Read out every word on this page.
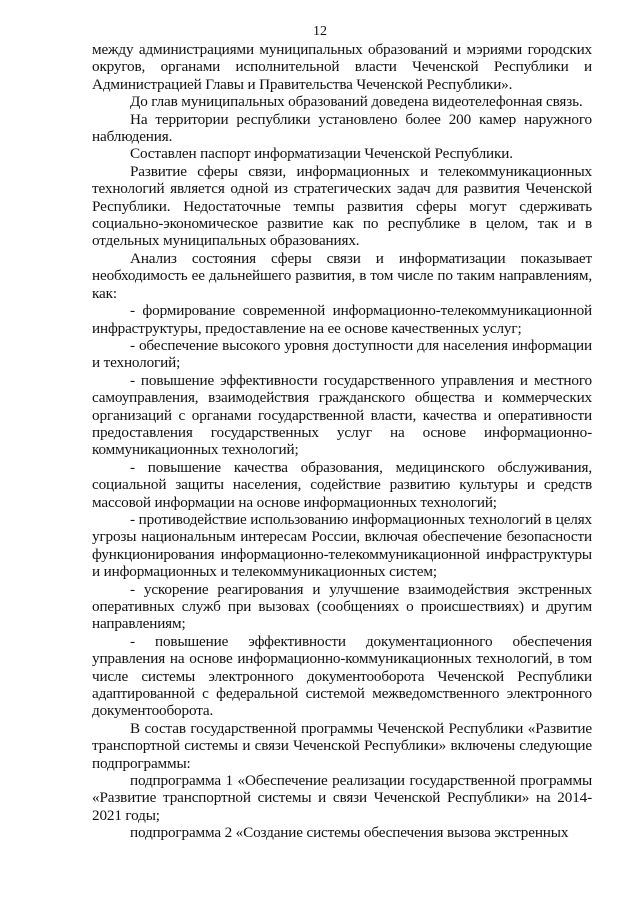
12

между администрациями муниципальных образований и мэриями городских округов, органами исполнительной власти Чеченской Республики и Администрацией Главы и Правительства Чеченской Республики».

До глав муниципальных образований доведена видеотелефонная связь.

На территории республики установлено более 200 камер наружного наблюдения.

Составлен паспорт информатизации Чеченской Республики.

Развитие сферы связи, информационных и телекоммуникационных технологий является одной из стратегических задач для развития Чеченской Республики. Недостаточные темпы развития сферы могут сдерживать социально-экономическое развитие как по республике в целом, так и в отдельных муниципальных образованиях.

Анализ состояния сферы связи и информатизации показывает необходимость ее дальнейшего развития, в том числе по таким направлениям, как:

- формирование современной информационно-телекоммуникационной инфраструктуры, предоставление на ее основе качественных услуг;

- обеспечение высокого уровня доступности для населения информации и технологий;

- повышение эффективности государственного управления и местного самоуправления, взаимодействия гражданского общества и коммерческих организаций с органами государственной власти, качества и оперативности предоставления государственных услуг на основе информационно-коммуникационных технологий;

- повышение качества образования, медицинского обслуживания, социальной защиты населения, содействие развитию культуры и средств массовой информации на основе информационных технологий;

- противодействие использованию информационных технологий в целях угрозы национальным интересам России, включая обеспечение безопасности функционирования информационно-телекоммуникационной инфраструктуры и информационных и телекоммуникационных систем;

- ускорение реагирования и улучшение взаимодействия экстренных оперативных служб при вызовах (сообщениях о происшествиях) и другим направлениям;

- повышение эффективности документационного обеспечения управления на основе информационно-коммуникационных технологий, в том числе системы электронного документооборота Чеченской Республики адаптированной с федеральной системой межведомственного электронного документооборота.

В состав государственной программы Чеченской Республики «Развитие транспортной системы и связи Чеченской Республики» включены следующие подпрограммы:

подпрограмма 1 «Обеспечение реализации государственной программы «Развитие транспортной системы и связи Чеченской Республики» на 2014-2021 годы;

подпрограмма 2 «Создание системы обеспечения вызова экстренных
